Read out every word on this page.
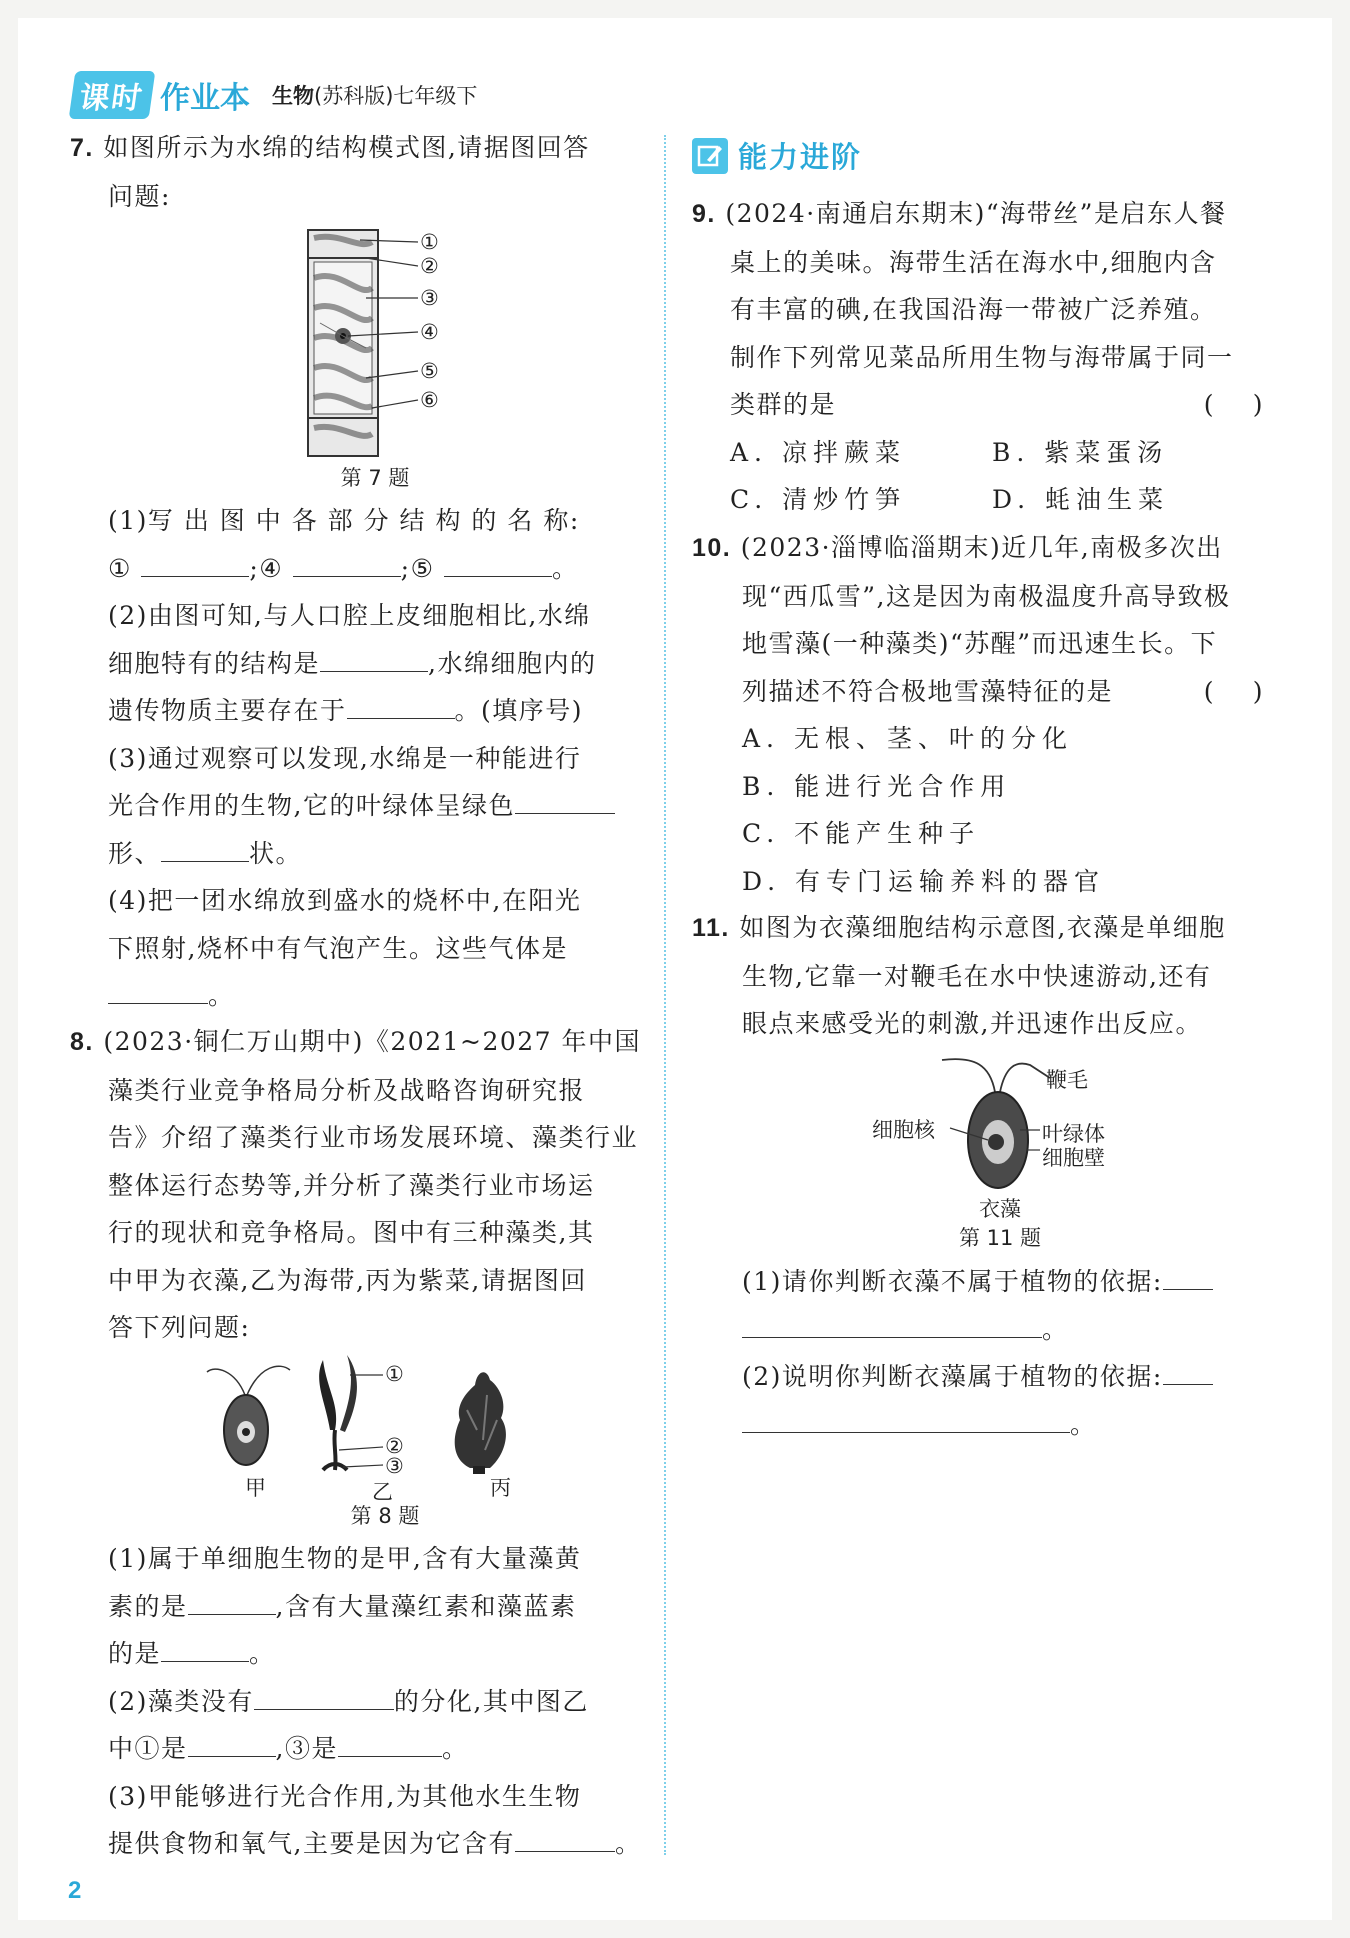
课时 作业本 生物(苏科版)七年级下
7. 如图所示为水绵的结构模式图,请据图回答
问题:
①
②
③
④
⑤
⑥
第 7 题
(1)写 出 图 中 各 部 分 结 构 的 名 称:
①	;④	;⑤	。
(2)由图可知,与人口腔上皮细胞相比,水绵
细胞特有的结构是	,水绵细胞内的
遗传物质主要存在于	。(填序号)
(3)通过观察可以发现,水绵是一种能进行
光合作用的生物,它的叶绿体呈绿色
形、	状。
(4)把一团水绵放到盛水的烧杯中,在阳光
下照射,烧杯中有气泡产生。这些气体是
。
8. (2023·铜仁万山期中)《2021~2027 年中国
藻类行业竞争格局分析及战略咨询研究报
告》介绍了藻类行业市场发展环境、藻类行业
整体运行态势等,并分析了藻类行业市场运
行的现状和竞争格局。图中有三种藻类,其
中甲为衣藻,乙为海带,丙为紫菜,请据图回
答下列问题:
①
②
③
甲	乙	丙
第 8 题
(1)属于单细胞生物的是甲,含有大量藻黄
素的是	,含有大量藻红素和藻蓝素
的是	。
(2)藻类没有	的分化,其中图乙
中①是	,③是	。
(3)甲能够进行光合作用,为其他水生生物
提供食物和氧气,主要是因为它含有	。
能力进阶
9. (2024·南通启东期末)“海带丝”是启东人餐
桌上的美味。海带生活在海水中,细胞内含
有丰富的碘,在我国沿海一带被广泛养殖。
制作下列常见菜品所用生物与海带属于同一
类群的是	(    )
A. 凉拌蕨菜	B. 紫菜蛋汤
C. 清炒竹笋	D. 蚝油生菜
10. (2023·淄博临淄期末)近几年,南极多次出
现“西瓜雪”,这是因为南极温度升高导致极
地雪藻(一种藻类)“苏醒”而迅速生长。下
列描述不符合极地雪藻特征的是	(    )
A. 无根、茎、叶的分化
B. 能进行光合作用
C. 不能产生种子
D. 有专门运输养料的器官
11. 如图为衣藻细胞结构示意图,衣藻是单细胞
生物,它靠一对鞭毛在水中快速游动,还有
眼点来感受光的刺激,并迅速作出反应。
鞭毛
细胞核	叶绿体
细胞壁
衣藻
第 11 题
(1)请你判断衣藻不属于植物的依据:
。
(2)说明你判断衣藻属于植物的依据:
。
2
